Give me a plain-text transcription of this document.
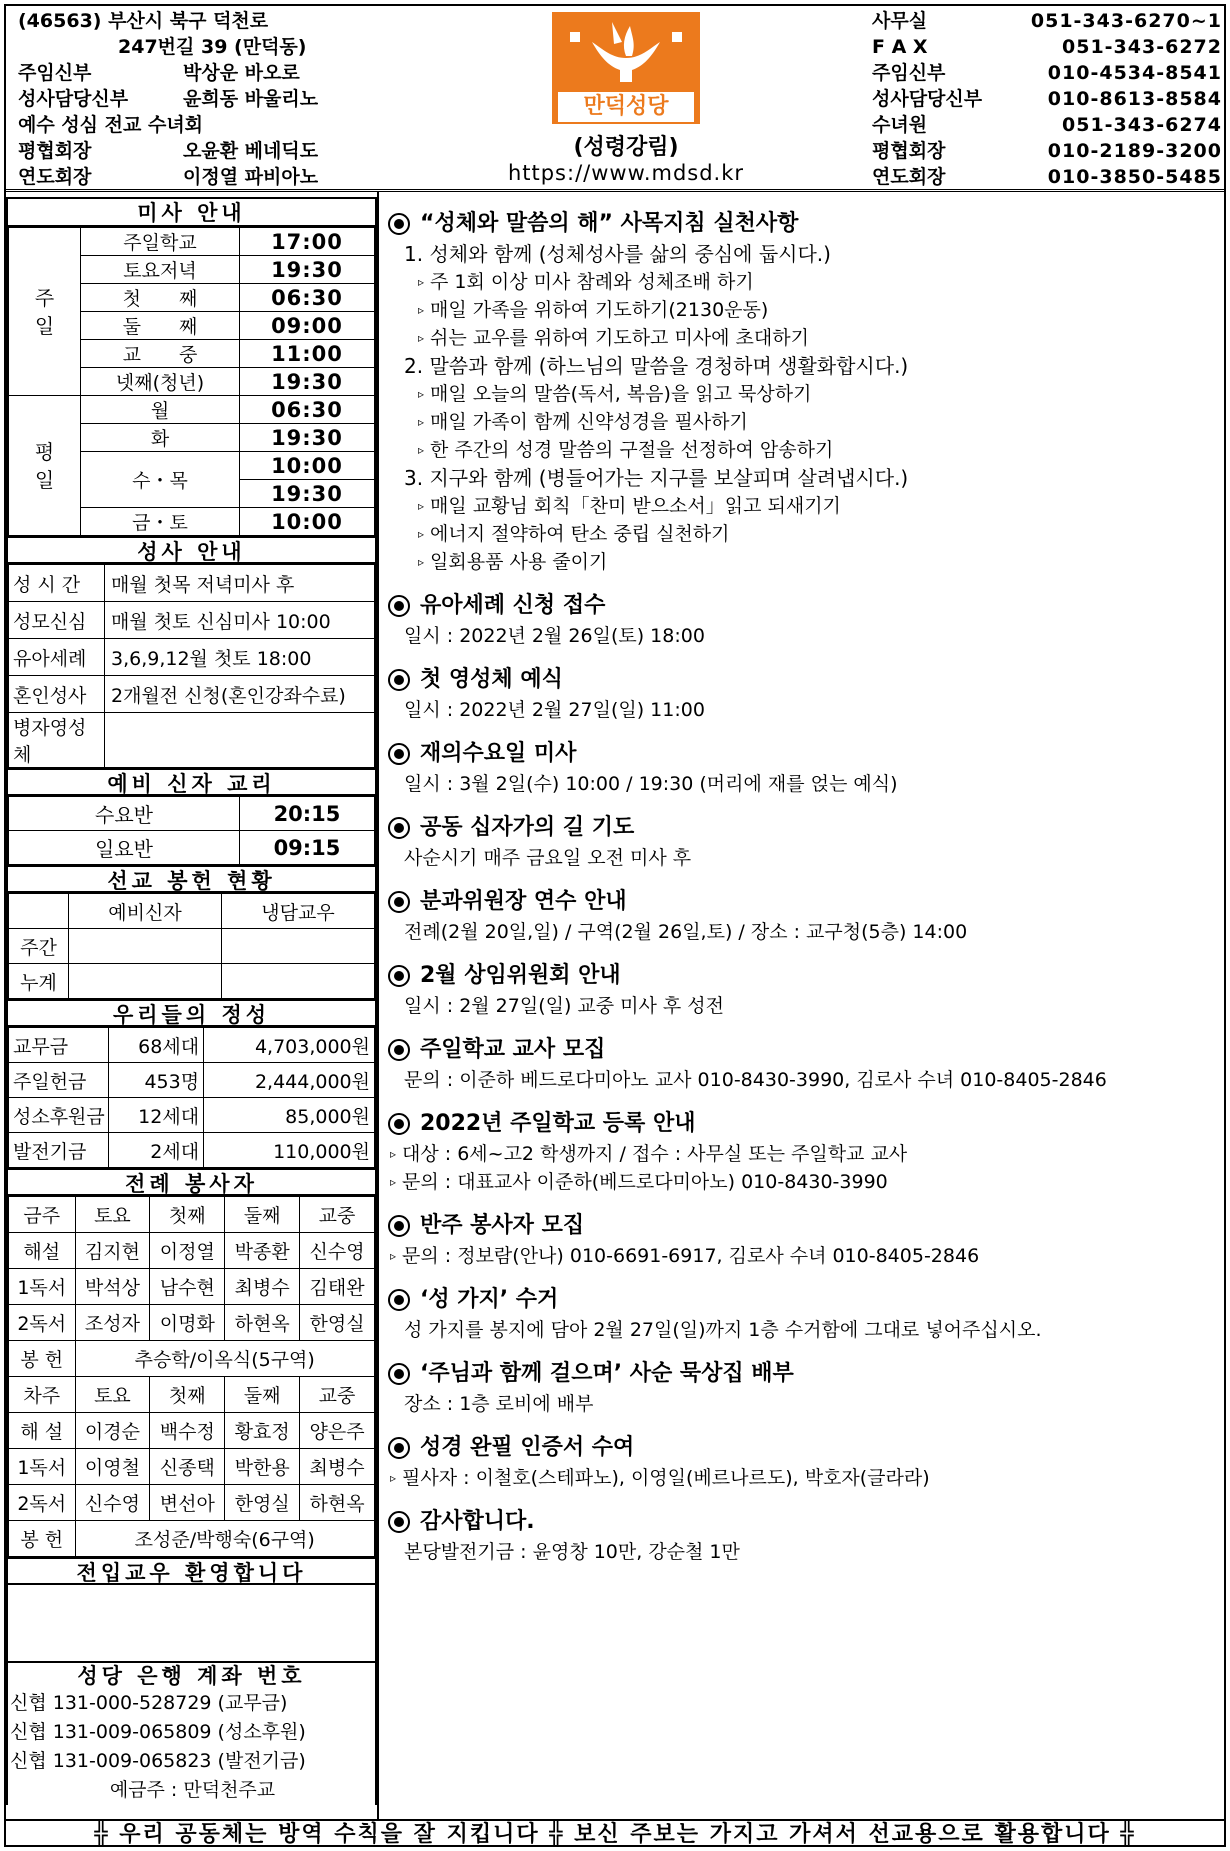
(46563) 부산시 북구 덕천로
247번길 39 (만덕동)
주임신부	박상운 바오로
성사담당신부	윤희동 바울리노
예수 성심 전교 수녀회
평협회장	오윤환 베네딕도
연도회장	이정열 파비아노
만덕성당
(성령강림)
https://www.mdsd.kr
사무실	051-343-6270~1
F A X	051-343-6272
주임신부	010-4534-8541
성사담당신부	010-8613-8584
수녀원	051-343-6274
평협회장	010-2189-3200
연도회장	010-3850-5485
미사 안내
주
일	주일학교	17:00
	토요저녁	19:30
	첫　　째	06:30
	둘　　째	09:00
	교　　중	11:00
	넷째(청년)	19:30
평
일	월	06:30
	화	19:30
	수・목	10:00
		19:30
	금・토	10:00
성사 안내
성 시 간	매월 첫목 저녁미사 후
성모신심	매월 첫토 신심미사 10:00
유아세례	3,6,9,12월 첫토 18:00
혼인성사	2개월전 신청(혼인강좌수료)
병자영성체	
예비 신자 교리
수요반	20:15
일요반	09:15
선교 봉헌 현황
	예비신자	냉담교우
주간		
누계		
우리들의 정성
교무금	68세대	4,703,000원
주일헌금	453명	2,444,000원
성소후원금	12세대	85,000원
발전기금	2세대	110,000원
전례 봉사자
금주	토요	첫째	둘째	교중
해설	김지현	이정열	박종환	신수영
1독서	박석상	남수현	최병수	김태완
2독서	조성자	이명화	하현옥	한영실
봉 헌	추승학/이옥식(5구역)			
차주	토요	첫째	둘째	교중
해 설	이경순	백수정	황효정	양은주
1독서	이영철	신종택	박한용	최병수
2독서	신수영	변선아	한영실	하현옥
봉 헌	조성준/박행숙(6구역)			
전입교우 환영합니다
성당 은행 계좌 번호
신협 131-000-528729 (교무금)
신협 131-009-065809 (성소후원)
신협 131-009-065823 (발전기금)
예금주 : 만덕천주교
“성체와 말씀의 해” 사목지침 실천사항
1. 성체와 함께 (성체성사를 삶의 중심에 둡시다.)
▹ 주 1회 이상 미사 참례와 성체조배 하기
▹ 매일 가족을 위하여 기도하기(2130운동)
▹ 쉬는 교우를 위하여 기도하고 미사에 초대하기
2. 말씀과 함께 (하느님의 말씀을 경청하며 생활화합시다.)
▹ 매일 오늘의 말씀(독서, 복음)을 읽고 묵상하기
▹ 매일 가족이 함께 신약성경을 필사하기
▹ 한 주간의 성경 말씀의 구절을 선정하여 암송하기
3. 지구와 함께 (병들어가는 지구를 보살피며 살려냅시다.)
▹ 매일 교황님 회칙「찬미 받으소서」읽고 되새기기
▹ 에너지 절약하여 탄소 중립 실천하기
▹ 일회용품 사용 줄이기
유아세례 신청 접수
일시 : 2022년 2월 26일(토) 18:00
첫 영성체 예식
일시 : 2022년 2월 27일(일) 11:00
재의수요일 미사
일시 : 3월 2일(수) 10:00 / 19:30 (머리에 재를 얹는 예식)
공동 십자가의 길 기도
사순시기 매주 금요일 오전 미사 후
분과위원장 연수 안내
전례(2월 20일,일) / 구역(2월 26일,토) / 장소 : 교구청(5층) 14:00
2월 상임위원회 안내
일시 : 2월 27일(일) 교중 미사 후 성전
주일학교 교사 모집
문의 : 이준하 베드로다미아노 교사 010-8430-3990, 김로사 수녀 010-8405-2846
2022년 주일학교 등록 안내
▹ 대상 : 6세~고2 학생까지 / 접수 : 사무실 또는 주일학교 교사
▹ 문의 : 대표교사 이준하(베드로다미아노) 010-8430-3990
반주 봉사자 모집
▹ 문의 : 정보람(안나) 010-6691-6917, 김로사 수녀 010-8405-2846
‘성 가지’ 수거
성 가지를 봉지에 담아 2월 27일(일)까지 1층 수거함에 그대로 넣어주십시오.
‘주님과 함께 걸으며’ 사순 묵상집 배부
장소 : 1층 로비에 배부
성경 완필 인증서 수여
▹ 필사자 : 이철호(스테파노), 이영일(베르나르도), 박호자(글라라)
감사합니다.
본당발전기금 : 윤영창 10만, 강순철 1만
╬ 우리 공동체는 방역 수칙을 잘 지킵니다 ╬ 보신 주보는 가지고 가셔서 선교용으로 활용합니다 ╬
